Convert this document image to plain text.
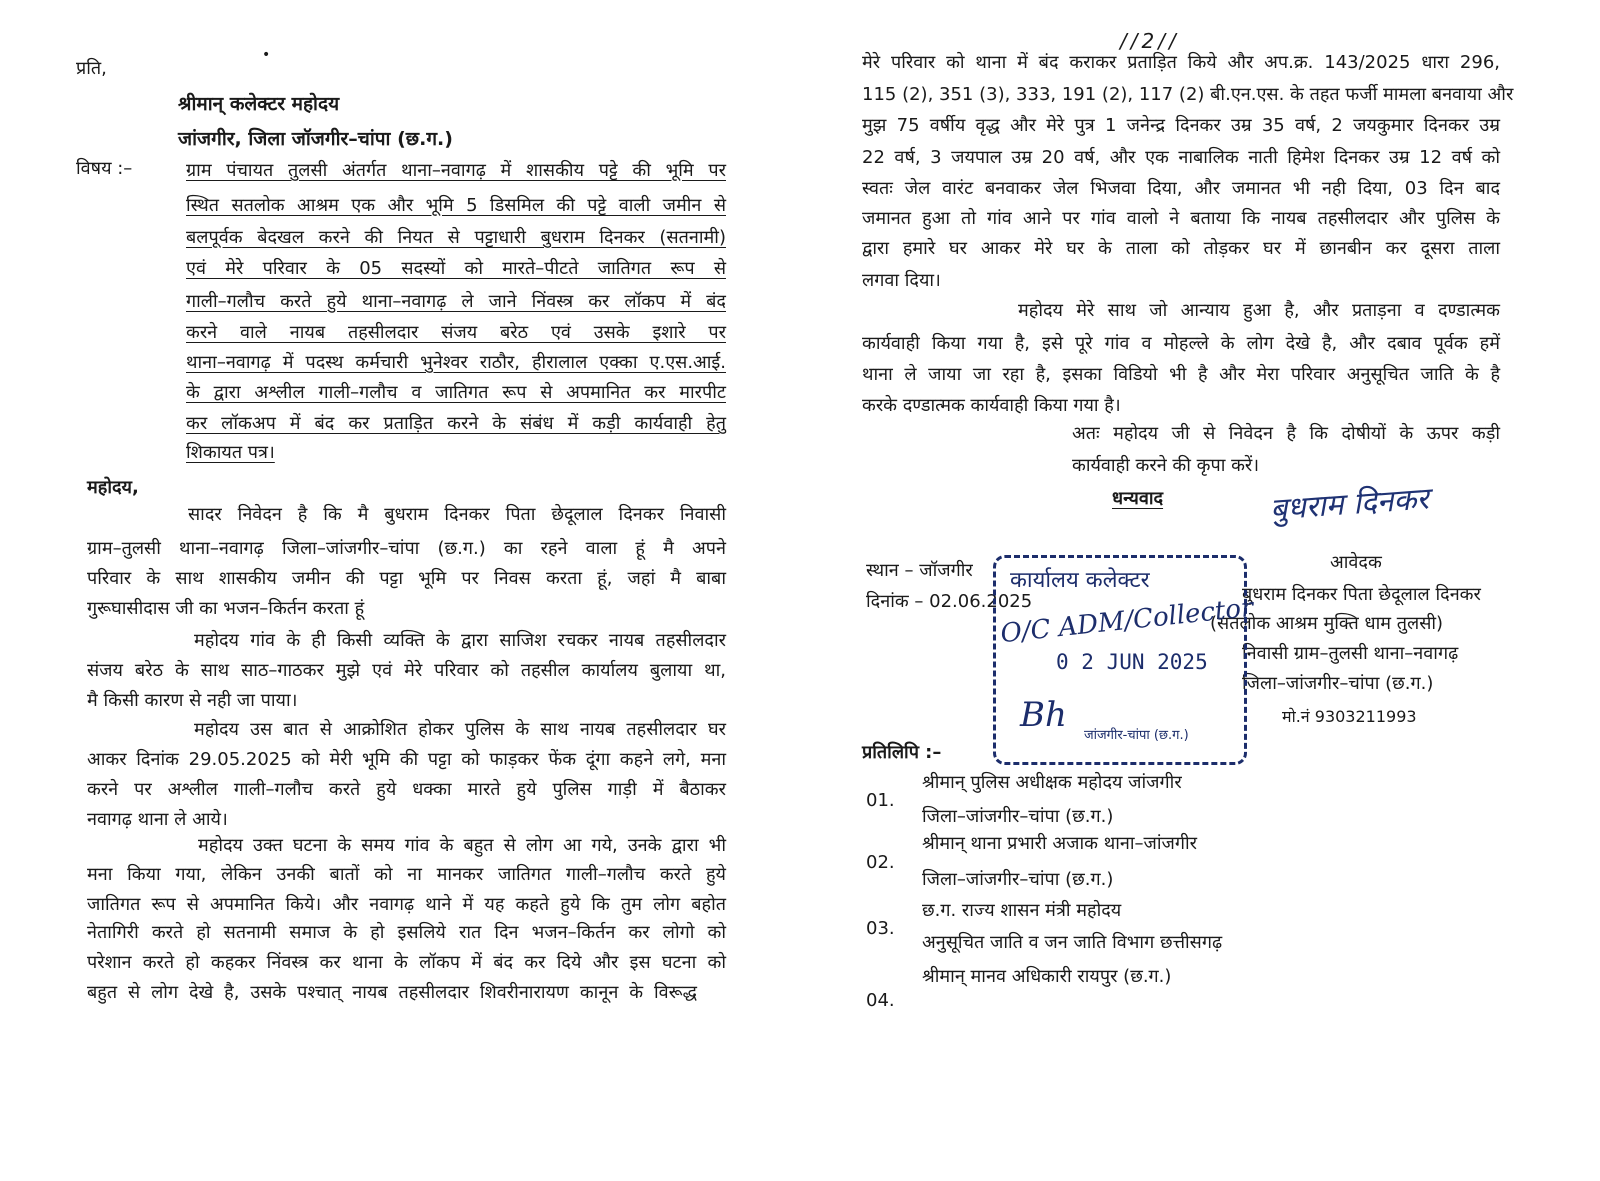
प्रति,
•
श्रीमान् कलेक्टर महोदय
जांजगीर, जिला जॉजगीर–चांपा (छ.ग.)
विषय :–	ग्राम पंचायत तुलसी अंतर्गत थाना–नवागढ़ में शासकीय पट्टे की भूमि पर
स्थित सतलोक आश्रम एक और भूमि 5 डिसमिल की पट्टे वाली जमीन से
बलपूर्वक बेदखल करने की नियत से पट्टाधारी बुधराम दिनकर (सतनामी)
एवं मेरे परिवार के 05 सदस्यों को मारते–पीटते जातिगत रूप से
गाली–गलौच करते हुये थाना–नवागढ़ ले जाने निंवस्त्र कर लॉकप में बंद
करने वाले नायब तहसीलदार संजय बरेठ एवं उसके इशारे पर
थाना–नवागढ़ में पदस्थ कर्मचारी भुनेश्वर राठौर, हीरालाल एक्का ए.एस.आई.
के द्वारा अश्लील गाली–गलौच व जातिगत रूप से अपमानित कर मारपीट
कर लॉकअप में बंद कर प्रताड़ित करने के संबंध में कड़ी कार्यवाही हेतु
शिकायत पत्र।
महोदय,
सादर निवेदन है कि मै बुधराम दिनकर पिता छेदूलाल दिनकर निवासी
ग्राम–तुलसी थाना–नवागढ़ जिला–जांजगीर–चांपा (छ.ग.) का रहने वाला हूं मै अपने
परिवार के साथ शासकीय जमीन की पट्टा भूमि पर निवस करता हूं, जहां मै बाबा
गुरूघासीदास जी का भजन–किर्तन करता हूं
महोदय गांव के ही किसी व्यक्ति के द्वारा साजिश रचकर नायब तहसीलदार
संजय बरेठ के साथ साठ–गाठकर मुझे एवं मेरे परिवार को तहसील कार्यालय बुलाया था,
मै किसी कारण से नही जा पाया।
महोदय उस बात से आक्रोशित होकर पुलिस के साथ नायब तहसीलदार घर
आकर दिनांक 29.05.2025 को मेरी भूमि की पट्टा को फाड़कर फेंक दूंगा कहने लगे, मना
करने पर अश्लील गाली–गलौच करते हुये धक्का मारते हुये पुलिस गाड़ी में बैठाकर
नवागढ़ थाना ले आये।
महोदय उक्त घटना के समय गांव के बहुत से लोग आ गये, उनके द्वारा भी
मना किया गया, लेकिन उनकी बातों को ना मानकर जातिगत गाली–गलौच करते हुये
जातिगत रूप से अपमानित किये। और नवागढ़ थाने में यह कहते हुये कि तुम लोग बहोत
नेतागिरी करते हो सतनामी समाज के हो इसलिये रात दिन भजन–किर्तन कर लोगो को
परेशान करते हो कहकर निंवस्त्र कर थाना के लॉकप में बंद कर दिये और इस घटना को
बहुत से लोग देखे है, उसके पश्चात् नायब तहसीलदार शिवरीनारायण कानून के विरूद्ध
//2//
मेरे परिवार को थाना में बंद कराकर प्रताड़ित किये और अप.क्र. 143/2025 धारा 296,
115 (2), 351 (3), 333, 191 (2), 117 (2) बी.एन.एस. के तहत फर्जी मामला बनवाया और
मुझ 75 वर्षीय वृद्ध और मेरे पुत्र 1 जनेन्द्र दिनकर उम्र 35 वर्ष, 2 जयकुमार दिनकर उम्र
22 वर्ष, 3 जयपाल उम्र 20 वर्ष, और एक नाबालिक नाती हिमेश दिनकर उम्र 12 वर्ष को
स्वतः जेल वारंट बनवाकर जेल भिजवा दिया, और जमानत भी नही दिया, 03 दिन बाद
जमानत हुआ तो गांव आने पर गांव वालो ने बताया कि नायब तहसीलदार और पुलिस के
द्वारा हमारे घर आकर मेरे घर के ताला को तोड़कर घर में छानबीन कर दूसरा ताला
लगवा दिया।
महोदय मेरे साथ जो आन्याय हुआ है, और प्रताड़ना व दण्डात्मक
कार्यवाही किया गया है, इसे पूरे गांव व मोहल्ले के लोग देखे है, और दबाव पूर्वक हमें
थाना ले जाया जा रहा है, इसका विडियो भी है और मेरा परिवार अनुसूचित जाति के है
करके दण्डात्मक कार्यवाही किया गया है।
अतः महोदय जी से निवेदन है कि दोषीयों के ऊपर कड़ी
कार्यवाही करने की कृपा करें।
धन्यवाद	बुधराम दिनकर
आवेदक
स्थान – जॉजगीर
दिनांक – 02.06.2025	बुधराम दिनकर पिता छेदूलाल दिनकर
(सतलोक आश्रम मुक्ति धाम तुलसी)
निवासी ग्राम–तुलसी थाना–नवागढ़
जिला–जांजगीर–चांपा (छ.ग.)
मो.नं 9303211993
प्रतिलिपि :–
01.
श्रीमान् पुलिस अधीक्षक महोदय जांजगीर
जिला–जांजगीर–चांपा (छ.ग.)
02.
श्रीमान् थाना प्रभारी अजाक थाना–जांजगीर
जिला–जांजगीर–चांपा (छ.ग.)
03.
छ.ग. राज्य शासन मंत्री महोदय
अनुसूचित जाति व जन जाति विभाग छत्तीसगढ़
04.
श्रीमान् मानव अधिकारी रायपुर (छ.ग.)
कार्यालय कलेक्टर
O/C ADM/Collector
0 2 JUN 2025
Bh
जांजगीर-चांपा (छ.ग.)
